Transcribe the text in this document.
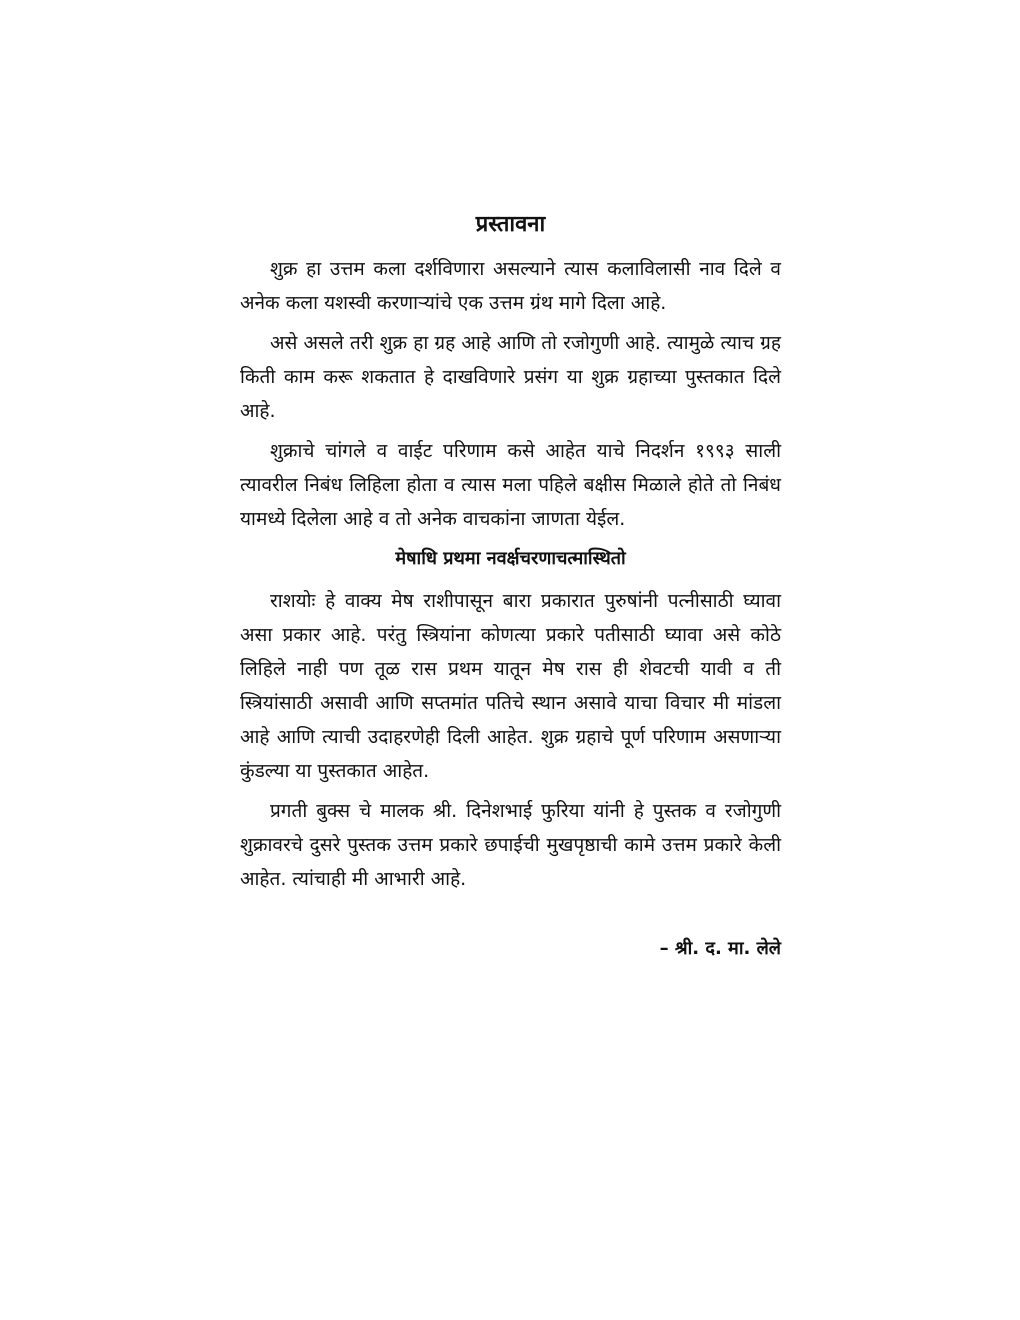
प्रस्तावना

शुक्र हा उत्तम कला दर्शविणारा असल्याने त्यास कलाविलासी नाव दिले व अनेक कला यशस्वी करणाऱ्यांचे एक उत्तम ग्रंथ मागे दिला आहे.

असे असले तरी शुक्र हा ग्रह आहे आणि तो रजोगुणी आहे. त्यामुळे त्याच ग्रह किती काम करू शकतात हे दाखविणारे प्रसंग या शुक्र ग्रहाच्या पुस्तकात दिले आहे.

शुक्राचे चांगले व वाईट परिणाम कसे आहेत याचे निदर्शन १९९३ साली त्यावरील निबंध लिहिला होता व त्यास मला पहिले बक्षीस मिळाले होते तो निबंध यामध्ये दिलेला आहे व तो अनेक वाचकांना जाणता येईल.

मेषाधि प्रथमा नवर्क्षचरणाचत्मास्थितो

राशयोः हे वाक्य मेष राशीपासून बारा प्रकारात पुरुषांनी पत्नीसाठी घ्यावा असा प्रकार आहे. परंतु स्त्रियांना कोणत्या प्रकारे पतीसाठी घ्यावा असे कोठे लिहिले नाही पण तूळ रास प्रथम यातून मेष रास ही शेवटची यावी व ती स्त्रियांसाठी असावी आणि सप्तमांत पतिचे स्थान असावे याचा विचार मी मांडला आहे आणि त्याची उदाहरणेही दिली आहेत. शुक्र ग्रहाचे पूर्ण परिणाम असणाऱ्या कुंडल्या या पुस्तकात आहेत.

प्रगती बुक्स चे मालक श्री. दिनेशभाई फुरिया यांनी हे पुस्तक व रजोगुणी शुक्रावरचे दुसरे पुस्तक उत्तम प्रकारे छपाईची मुखपृष्ठाची कामे उत्तम प्रकारे केली आहेत. त्यांचाही मी आभारी आहे.

– श्री. द. मा. लेले
